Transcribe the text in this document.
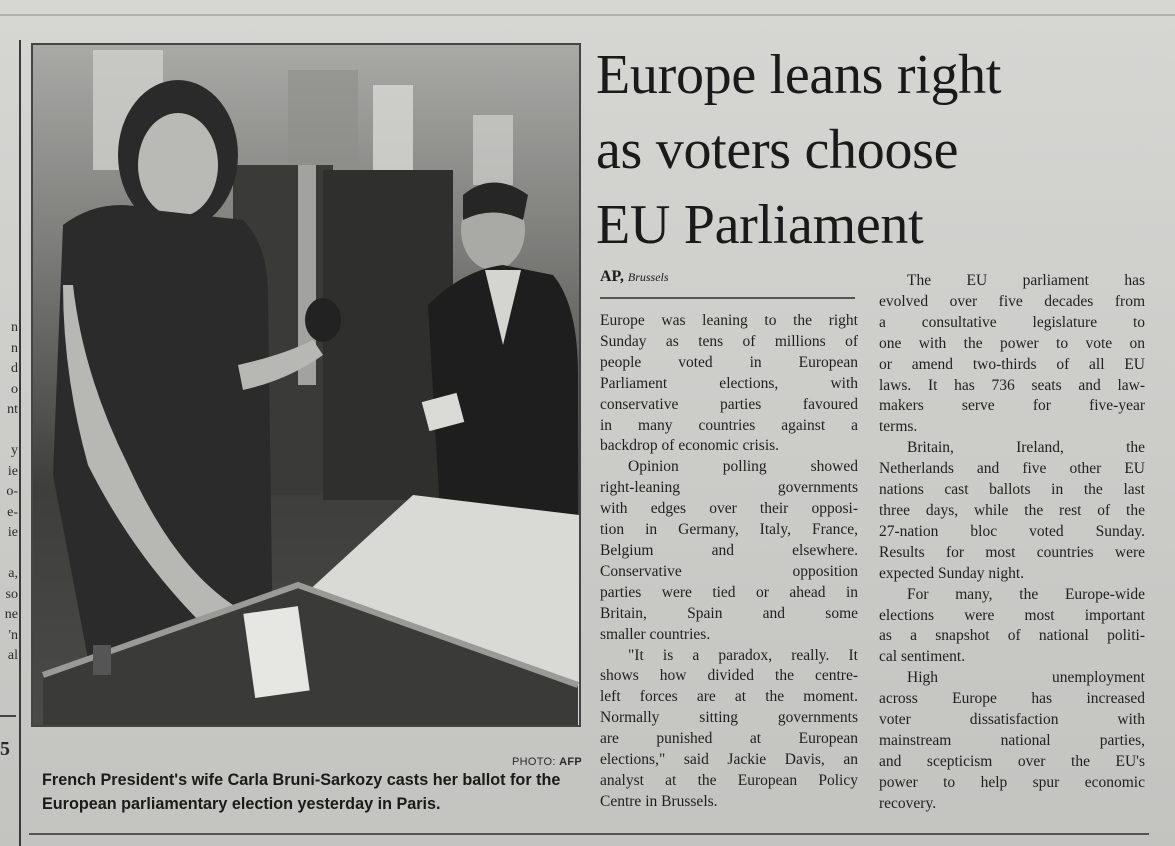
n
n
d
o
nt
y
ie
o-
e-
ie
a,
so
ne
'n
al
5
PHOTO: AFP
French President's wife Carla Bruni-Sarkozy casts her ballot for the European parliamentary election yesterday in Paris.
Europe leans right
as voters choose
EU Parliament
AP, Brussels

Europe was leaning to the right
Sunday as tens of millions of
people voted in European
Parliament elections, with
conservative parties favoured
in many countries against a
backdrop of economic crisis.

Opinion polling showed
right-leaning governments
with edges over their opposi-
tion in Germany, Italy, France,
Belgium and elsewhere.
Conservative opposition
parties were tied or ahead in
Britain, Spain and some
smaller countries.

"It is a paradox, really. It
shows how divided the centre-
left forces are at the moment.
Normally sitting governments
are punished at European
elections," said Jackie Davis, an
analyst at the European Policy
Centre in Brussels.

The EU parliament has
evolved over five decades from
a consultative legislature to
one with the power to vote on
or amend two-thirds of all EU
laws. It has 736 seats and law-
makers serve for five-year
terms.

Britain, Ireland, the
Netherlands and five other EU
nations cast ballots in the last
three days, while the rest of the
27-nation bloc voted Sunday.
Results for most countries were
expected Sunday night.

For many, the Europe-wide
elections were most important
as a snapshot of national politi-
cal sentiment.

High unemployment
across Europe has increased
voter dissatisfaction with
mainstream national parties,
and scepticism over the EU's
power to help spur economic
recovery.
